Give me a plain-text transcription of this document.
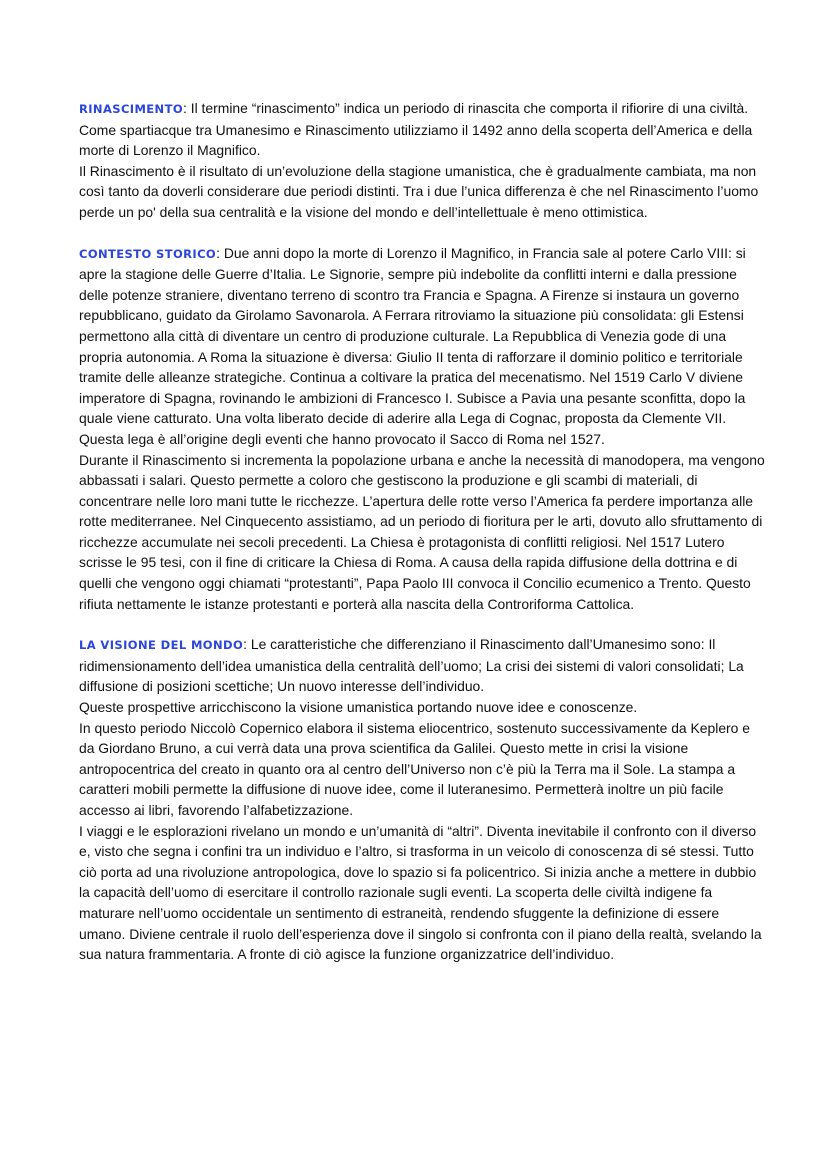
RINASCIMENTO: Il termine “rinascimento” indica un periodo di rinascita che comporta il rifiorire di una civiltà. Come spartiacque tra Umanesimo e Rinascimento utilizziamo il 1492 anno della scoperta dell’America e della morte di Lorenzo il Magnifico.

Il Rinascimento è il risultato di un’evoluzione della stagione umanistica, che è gradualmente cambiata, ma non così tanto da doverli considerare due periodi distinti. Tra i due l’unica differenza è che nel Rinascimento l’uomo perde un po' della sua centralità e la visione del mondo e dell’intellettuale è meno ottimistica.

CONTESTO STORICO: Due anni dopo la morte di Lorenzo il Magnifico, in Francia sale al potere Carlo VIII: si apre la stagione delle Guerre d’Italia. Le Signorie, sempre più indebolite da conflitti interni e dalla pressione delle potenze straniere, diventano terreno di scontro tra Francia e Spagna. A Firenze si instaura un governo repubblicano, guidato da Girolamo Savonarola. A Ferrara ritroviamo la situazione più consolidata: gli Estensi permettono alla città di diventare un centro di produzione culturale. La Repubblica di Venezia gode di una propria autonomia. A Roma la situazione è diversa: Giulio II tenta di rafforzare il dominio politico e territoriale tramite delle alleanze strategiche. Continua a coltivare la pratica del mecenatismo. Nel 1519 Carlo V diviene imperatore di Spagna, rovinando le ambizioni di Francesco I. Subisce a Pavia una pesante sconfitta, dopo la quale viene catturato. Una volta liberato decide di aderire alla Lega di Cognac, proposta da Clemente VII. Questa lega è all’origine degli eventi che hanno provocato il Sacco di Roma nel 1527.

Durante il Rinascimento si incrementa la popolazione urbana e anche la necessità di manodopera, ma vengono abbassati i salari. Questo permette a coloro che gestiscono la produzione e gli scambi di materiali, di concentrare nelle loro mani tutte le ricchezze. L’apertura delle rotte verso l’America fa perdere importanza alle rotte mediterranee. Nel Cinquecento assistiamo, ad un periodo di fioritura per le arti, dovuto allo sfruttamento di ricchezze accumulate nei secoli precedenti. La Chiesa è protagonista di conflitti religiosi. Nel 1517 Lutero scrisse le 95 tesi, con il fine di criticare la Chiesa di Roma. A causa della rapida diffusione della dottrina e di quelli che vengono oggi chiamati “protestanti”, Papa Paolo III convoca il Concilio ecumenico a Trento. Questo rifiuta nettamente le istanze protestanti e porterà alla nascita della Controriforma Cattolica.

LA VISIONE DEL MONDO: Le caratteristiche che differenziano il Rinascimento dall’Umanesimo sono: Il ridimensionamento dell’idea umanistica della centralità dell’uomo; La crisi dei sistemi di valori consolidati; La diffusione di posizioni scettiche; Un nuovo interesse dell’individuo.

Queste prospettive arricchiscono la visione umanistica portando nuove idee e conoscenze.

In questo periodo Niccolò Copernico elabora il sistema eliocentrico, sostenuto successivamente da Keplero e da Giordano Bruno, a cui verrà data una prova scientifica da Galilei. Questo mette in crisi la visione antropocentrica del creato in quanto ora al centro dell’Universo non c’è più la Terra ma il Sole. La stampa a caratteri mobili permette la diffusione di nuove idee, come il luteranesimo. Permetterà inoltre un più facile accesso ai libri, favorendo l’alfabetizzazione.

I viaggi e le esplorazioni rivelano un mondo e un’umanità di “altri”. Diventa inevitabile il confronto con il diverso e, visto che segna i confini tra un individuo e l’altro, si trasforma in un veicolo di conoscenza di sé stessi. Tutto ciò porta ad una rivoluzione antropologica, dove lo spazio si fa policentrico. Si inizia anche a mettere in dubbio la capacità dell’uomo di esercitare il controllo razionale sugli eventi. La scoperta delle civiltà indigene fa maturare nell’uomo occidentale un sentimento di estraneità, rendendo sfuggente la definizione di essere umano. Diviene centrale il ruolo dell’esperienza dove il singolo si confronta con il piano della realtà, svelando la sua natura frammentaria. A fronte di ciò agisce la funzione organizzatrice dell’individuo.
